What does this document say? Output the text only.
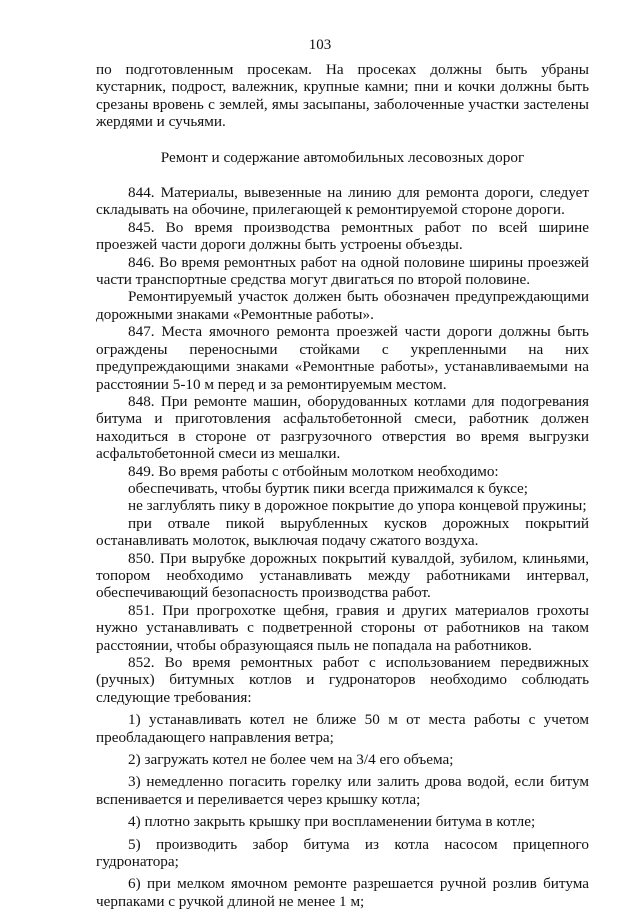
103

по подготовленным просекам. На просеках должны быть убраны кустарник, подрост, валежник, крупные камни; пни и кочки должны быть срезаны вровень с землей, ямы засыпаны, заболоченные участки застелены жердями и сучьями.

Ремонт и содержание автомобильных лесовозных дорог

844. Материалы, вывезенные на линию для ремонта дороги, следует складывать на обочине, прилегающей к ремонтируемой стороне дороги.

845. Во время производства ремонтных работ по всей ширине проезжей части дороги должны быть устроены объезды.

846. Во время ремонтных работ на одной половине ширины проезжей части транспортные средства могут двигаться по второй половине.

Ремонтируемый участок должен быть обозначен предупреждающими дорожными знаками «Ремонтные работы».

847. Места ямочного ремонта проезжей части дороги должны быть ограждены переносными стойками с укрепленными на них предупреждающими знаками «Ремонтные работы», устанавливаемыми на расстоянии 5-10 м перед и за ремонтируемым местом.

848. При ремонте машин, оборудованных котлами для подогревания битума и приготовления асфальтобетонной смеси, работник должен находиться в стороне от разгрузочного отверстия во время выгрузки асфальтобетонной смеси из мешалки.

849. Во время работы с отбойным молотком необходимо:

обеспечивать, чтобы буртик пики всегда прижимался к буксе;

не заглублять пику в дорожное покрытие до упора концевой пружины;

при отвале пикой вырубленных кусков дорожных покрытий останавливать молоток, выключая подачу сжатого воздуха.

850. При вырубке дорожных покрытий кувалдой, зубилом, клиньями, топором необходимо устанавливать между работниками интервал, обеспечивающий безопасность производства работ.

851. При прогрохотке щебня, гравия и других материалов грохоты нужно устанавливать с подветренной стороны от работников на таком расстоянии, чтобы образующаяся пыль не попадала на работников.

852. Во время ремонтных работ с использованием передвижных (ручных) битумных котлов и гудронаторов необходимо соблюдать следующие требования:

1) устанавливать котел не ближе 50 м от места работы с учетом преобладающего направления ветра;

2) загружать котел не более чем на 3/4 его объема;

3) немедленно погасить горелку или залить дрова водой, если битум вспенивается и переливается через крышку котла;

4) плотно закрыть крышку при воспламенении битума в котле;

5) производить забор битума из котла насосом прицепного гудронатора;

6) при мелком ямочном ремонте разрешается ручной розлив битума черпаками с ручкой длиной не менее 1 м;
